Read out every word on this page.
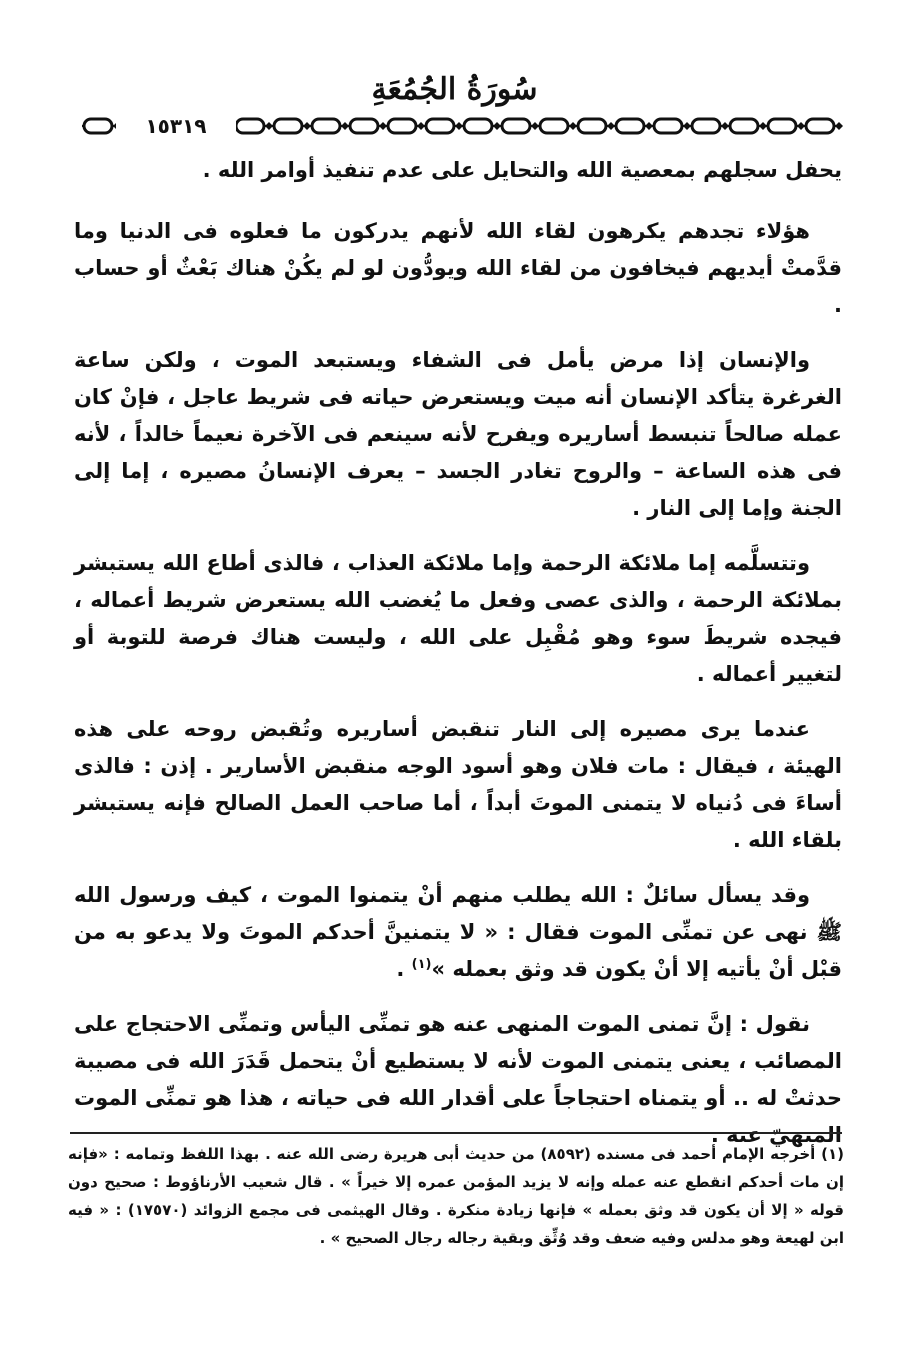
سُورَةُ الجُمُعَةِ
١٥٣١٩

يحفل سجلهم بمعصية الله والتحايل على عدم تنفيذ أوامر الله .

هؤلاء تجدهم يكرهون لقاء الله لأنهم يدركون ما فعلوه فى الدنيا وما قدَّمتْ أيديهم فيخافون من لقاء الله ويودُّون لو لم يكُنْ هناك بَعْثٌ أو حساب .

والإنسان إذا مرض يأمل فى الشفاء ويستبعد الموت ، ولكن ساعة الغرغرة يتأكد الإنسان أنه ميت ويستعرض حياته فى شريط عاجل ، فإنْ كان عمله صالحاً تنبسط أساريره ويفرح لأنه سينعم فى الآخرة نعيماً خالداً ، لأنه فى هذه الساعة – والروح تغادر الجسد – يعرف الإنسانُ مصيره ، إما إلى الجنة وإما إلى النار .

وتتسلَّمه إما ملائكة الرحمة وإما ملائكة العذاب ، فالذى أطاع الله يستبشر بملائكة الرحمة ، والذى عصى وفعل ما يُغضب الله يستعرض شريط أعماله ، فيجده شريطَ سوء وهو مُقْبِل على الله ، وليست هناك فرصة للتوبة أو لتغيير أعماله .

عندما يرى مصيره إلى النار تنقبض أساريره وتُقبض روحه على هذه الهيئة ، فيقال : مات فلان وهو أسود الوجه منقبض الأسارير . إذن : فالذى أساءَ فى دُنياه لا يتمنى الموتَ أبداً ، أما صاحب العمل الصالح فإنه يستبشر بلقاء الله .

وقد يسأل سائلٌ : الله يطلب منهم أنْ يتمنوا الموت ، كيف ورسول الله ﷺ نهى عن تمنِّى الموت فقال : « لا يتمنينَّ أحدكم الموتَ ولا يدعو به من قبْل أنْ يأتيه إلا أنْ يكون قد وثق بعمله »$^{(١)}$ .

نقول : إنَّ تمنى الموت المنهى عنه هو تمنِّى اليأس وتمنِّى الاحتجاج على المصائب ، يعنى يتمنى الموت لأنه لا يستطيع أنْ يتحمل قَدَرَ الله فى مصيبة حدثتْ له .. أو يتمناه احتجاجاً على أقدار الله فى حياته ، هذا هو تمنِّى الموت المنهيّ عنه .

(١) أخرجه الإمام أحمد فى مسنده (٨٥٩٢) من حديث أبى هريرة رضى الله عنه . بهذا اللفظ وتمامه : «فإنه إن مات أحدكم انقطع عنه عمله وإنه لا يزيد المؤمن عمره إلا خيراً » . قال شعيب الأرناؤوط : صحيح دون قوله « إلا أن يكون قد وثق بعمله » فإنها زيادة منكرة . وقال الهيثمى فى مجمع الزوائد (١٧٥٧٠) : « فيه ابن لهيعة وهو مدلس وفيه ضعف وقد وُثِّق وبقية رجاله رجال الصحيح » .
